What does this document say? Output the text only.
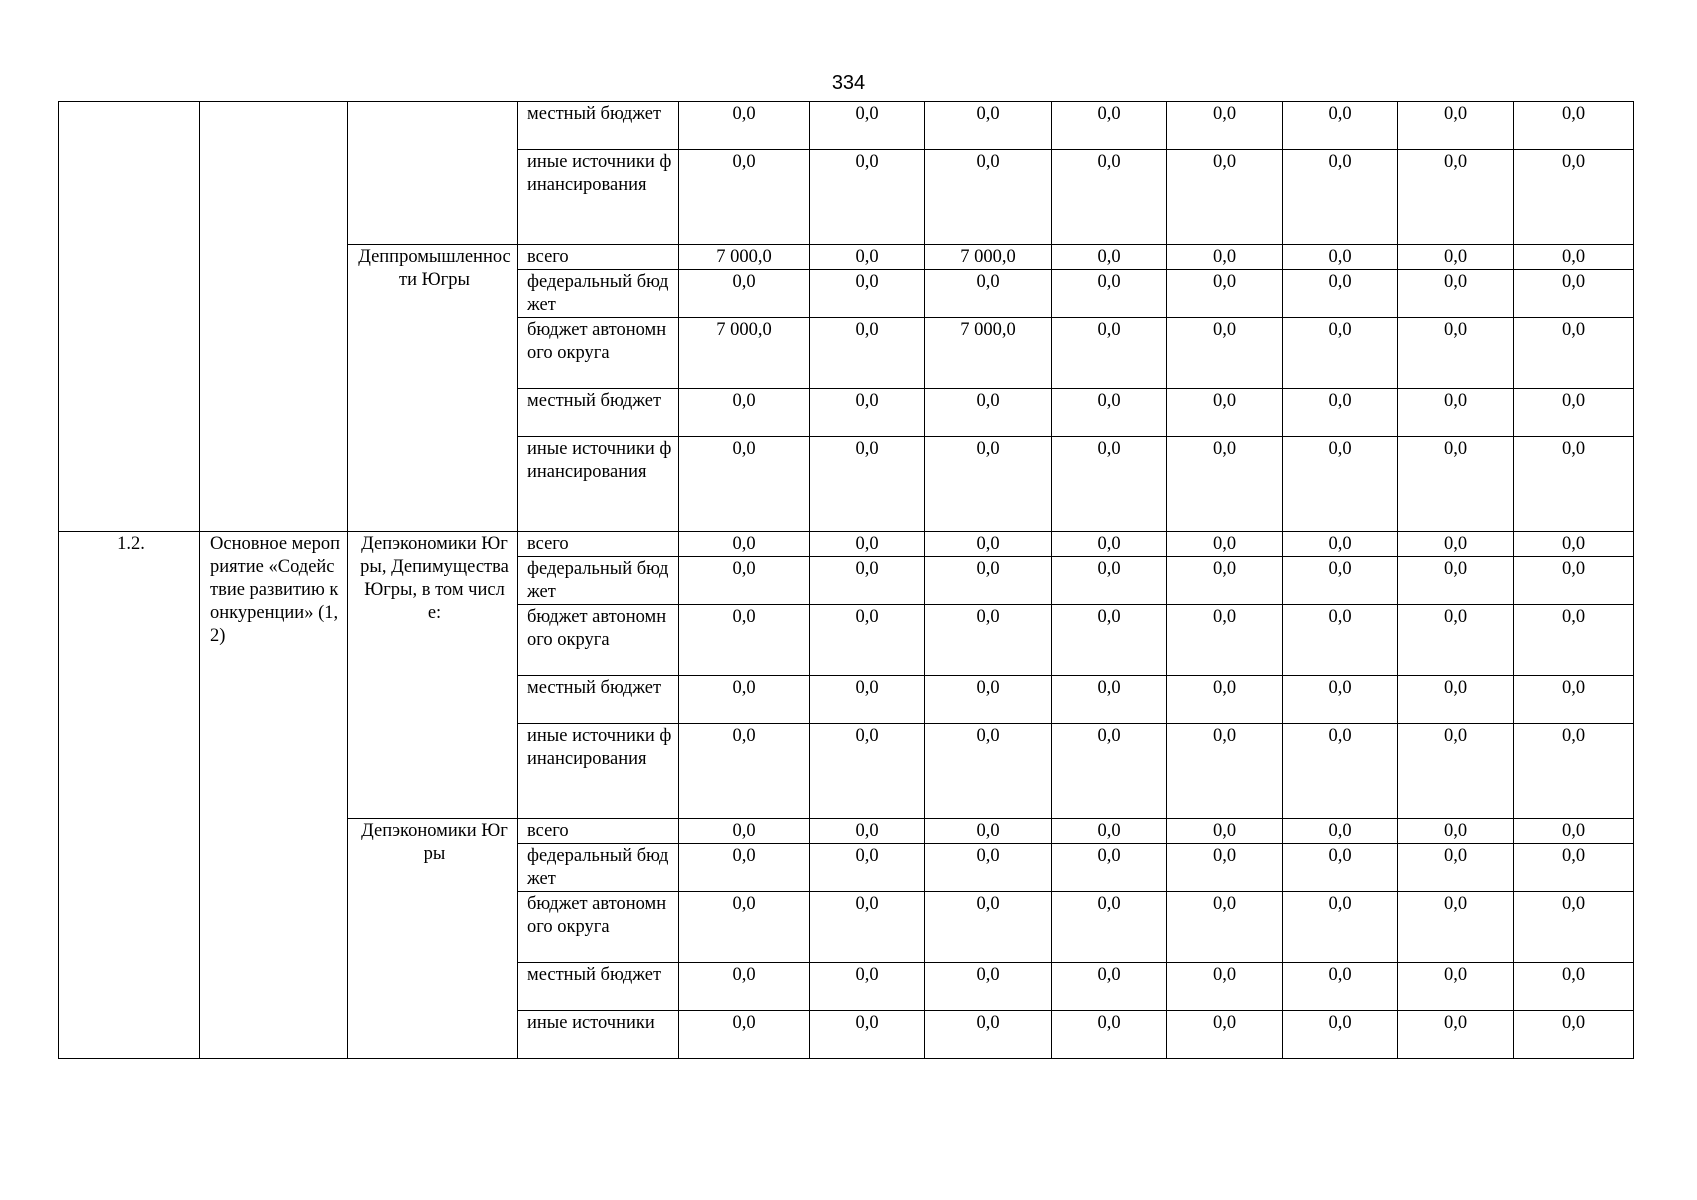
334
			местный бюджет	0,0	0,0	0,0	0,0	0,0	0,0	0,0	0,0
			иные источники финансирования	0,0	0,0	0,0	0,0	0,0	0,0	0,0	0,0
		Деппромышленности Югры	всего	7 000,0	0,0	7 000,0	0,0	0,0	0,0	0,0	0,0
			федеральный бюджет	0,0	0,0	0,0	0,0	0,0	0,0	0,0	0,0
			бюджет автономного округа	7 000,0	0,0	7 000,0	0,0	0,0	0,0	0,0	0,0
			местный бюджет	0,0	0,0	0,0	0,0	0,0	0,0	0,0	0,0
			иные источники финансирования	0,0	0,0	0,0	0,0	0,0	0,0	0,0	0,0
1.2.	Основное мероприятие «Содействие развитию конкуренции» (1, 2)	Депэкономики Югры, Депимущества Югры, в том числе:	всего	0,0	0,0	0,0	0,0	0,0	0,0	0,0	0,0
			федеральный бюджет	0,0	0,0	0,0	0,0	0,0	0,0	0,0	0,0
			бюджет автономного округа	0,0	0,0	0,0	0,0	0,0	0,0	0,0	0,0
			местный бюджет	0,0	0,0	0,0	0,0	0,0	0,0	0,0	0,0
			иные источники финансирования	0,0	0,0	0,0	0,0	0,0	0,0	0,0	0,0
		Депэкономики Югры	всего	0,0	0,0	0,0	0,0	0,0	0,0	0,0	0,0
			федеральный бюджет	0,0	0,0	0,0	0,0	0,0	0,0	0,0	0,0
			бюджет автономного округа	0,0	0,0	0,0	0,0	0,0	0,0	0,0	0,0
			местный бюджет	0,0	0,0	0,0	0,0	0,0	0,0	0,0	0,0
			иные источники	0,0	0,0	0,0	0,0	0,0	0,0	0,0	0,0
